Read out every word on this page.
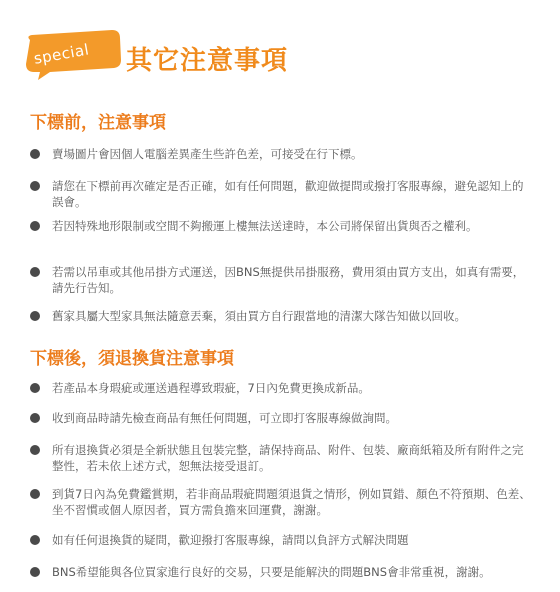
special 其它注意事項
下標前，注意事項
賣場圖片會因個人電腦差異產生些許色差，可接受在行下標。
請您在下標前再次確定是否正確，如有任何問題，歡迎做提問或撥打客服專線，避免認知上的誤會。
若因特殊地形限制或空間不夠搬運上樓無法送達時，本公司將保留出貨與否之權利。
若需以吊車或其他吊掛方式運送，因BNS無提供吊掛服務，費用須由買方支出，如真有需要，請先行告知。
舊家具屬大型家具無法隨意丟棄，須由買方自行跟當地的清潔大隊告知做以回收。
下標後，須退換貨注意事項
若產品本身瑕疵或運送過程導致瑕疵，7日內免費更換成新品。
收到商品時請先檢查商品有無任何問題，可立即打客服專線做詢問。
所有退換貨必須是全新狀態且包裝完整，請保持商品、附件、包裝、廠商紙箱及所有附件之完整性，若未依上述方式，恕無法接受退訂。
到貨7日內為免費鑑賞期，若非商品瑕疵問題須退貨之情形，例如買錯、顏色不符預期、色差、坐不習慣或個人原因者，買方需負擔來回運費，謝謝。
如有任何退換貨的疑問，歡迎撥打客服專線，請問以負評方式解決問題
BNS希望能與各位買家進行良好的交易，只要是能解決的問題BNS會非常重視，謝謝。
